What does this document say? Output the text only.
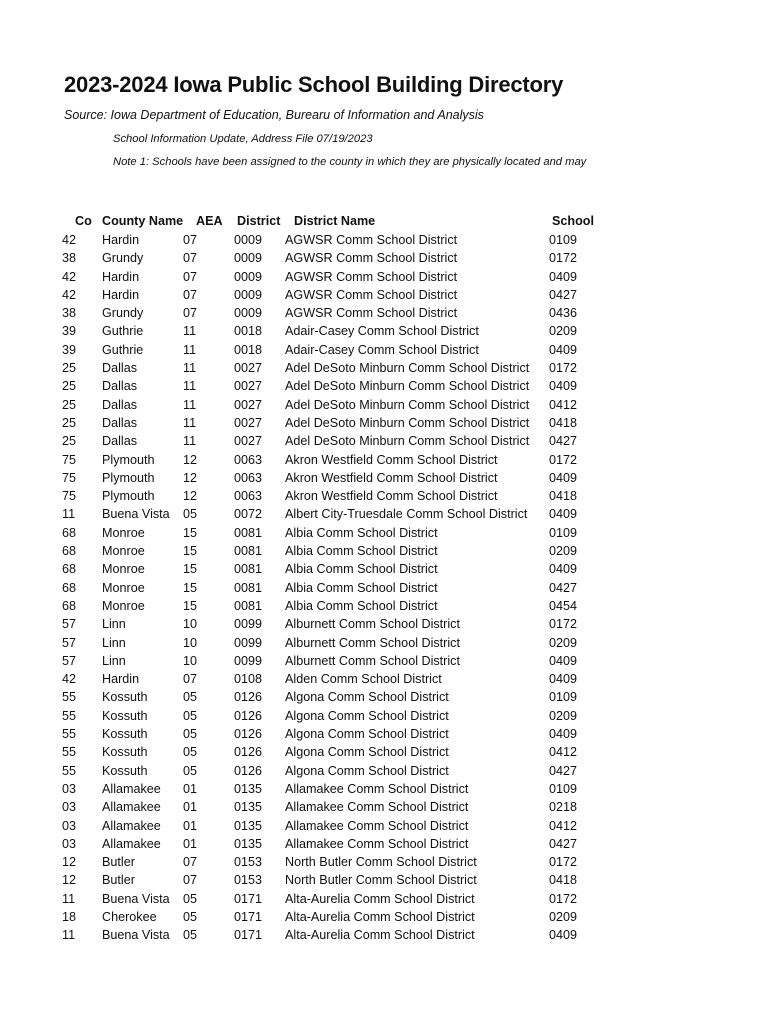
2023-2024 Iowa Public School Building Directory
Source: Iowa Department of Education, Burearu of Information and Analysis
School Information Update, Address File 07/19/2023
Note 1: Schools have been assigned to the county in which they are physically located and may
Co County Name AEA District District Name	School
42 Hardin	07	0009 AGWSR Comm School District	0109
38 Grundy	07	0009 AGWSR Comm School District	0172
42 Hardin	07	0009 AGWSR Comm School District	0409
42 Hardin	07	0009 AGWSR Comm School District	0427
38 Grundy	07	0009 AGWSR Comm School District	0436
39 Guthrie	11	0018 Adair-Casey Comm School District	0209
39 Guthrie	11	0018 Adair-Casey Comm School District	0409
25 Dallas	11	0027 Adel DeSoto Minburn Comm School District 0172
25 Dallas	11	0027 Adel DeSoto Minburn Comm School District 0409
25 Dallas	11	0027 Adel DeSoto Minburn Comm School District 0412
25 Dallas	11	0027 Adel DeSoto Minburn Comm School District 0418
25 Dallas	11	0027 Adel DeSoto Minburn Comm School District 0427
75 Plymouth 12	0063 Akron Westfield Comm School District	0172
75 Plymouth 12	0063 Akron Westfield Comm School District	0409
75 Plymouth 12	0063 Akron Westfield Comm School District	0418
11 Buena Vista 05	0072 Albert City-Truesdale Comm School District 0409
68 Monroe	15	0081 Albia Comm School District	0109
68 Monroe	15	0081 Albia Comm School District	0209
68 Monroe	15	0081 Albia Comm School District	0409
68 Monroe	15	0081 Albia Comm School District	0427
68 Monroe	15	0081 Albia Comm School District	0454
57 Linn	10	0099 Alburnett Comm School District	0172
57 Linn	10	0099 Alburnett Comm School District	0209
57 Linn	10	0099 Alburnett Comm School District	0409
42 Hardin	07	0108 Alden Comm School District	0409
55 Kossuth	05	0126 Algona Comm School District	0109
55 Kossuth	05	0126 Algona Comm School District	0209
55 Kossuth	05	0126 Algona Comm School District	0409
55 Kossuth	05	0126 Algona Comm School District	0412
55 Kossuth	05	0126 Algona Comm School District	0427
03 Allamakee 01	0135 Allamakee Comm School District	0109
03 Allamakee 01	0135 Allamakee Comm School District	0218
03 Allamakee 01	0135 Allamakee Comm School District	0412
03 Allamakee 01	0135 Allamakee Comm School District	0427
12 Butler	07	0153 North Butler Comm School District	0172
12 Butler	07	0153 North Butler Comm School District	0418
11 Buena Vista 05	0171 Alta-Aurelia Comm School District	0172
18 Cherokee 05	0171 Alta-Aurelia Comm School District	0209
11 Buena Vista 05	0171 Alta-Aurelia Comm School District	0409
